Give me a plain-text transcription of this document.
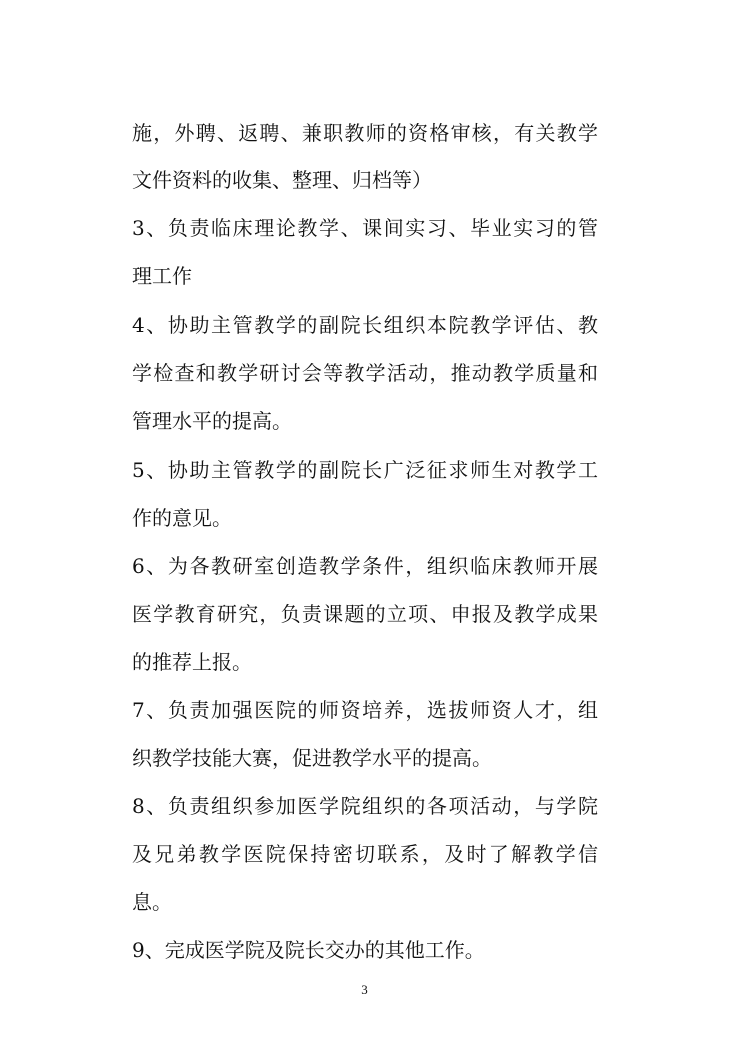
施，外聘、返聘、兼职教师的资格审核，有关教学
文件资料的收集、整理、归档等）
3、负责临床理论教学、课间实习、毕业实习的管
理工作
4、协助主管教学的副院长组织本院教学评估、教
学检查和教学研讨会等教学活动，推动教学质量和
管理水平的提高。
5、协助主管教学的副院长广泛征求师生对教学工
作的意见。
6、为各教研室创造教学条件，组织临床教师开展
医学教育研究，负责课题的立项、申报及教学成果
的推荐上报。
7、负责加强医院的师资培养，选拔师资人才，组
织教学技能大赛，促进教学水平的提高。
8、负责组织参加医学院组织的各项活动，与学院
及兄弟教学医院保持密切联系，及时了解教学信
息。
9、完成医学院及院长交办的其他工作。
3
